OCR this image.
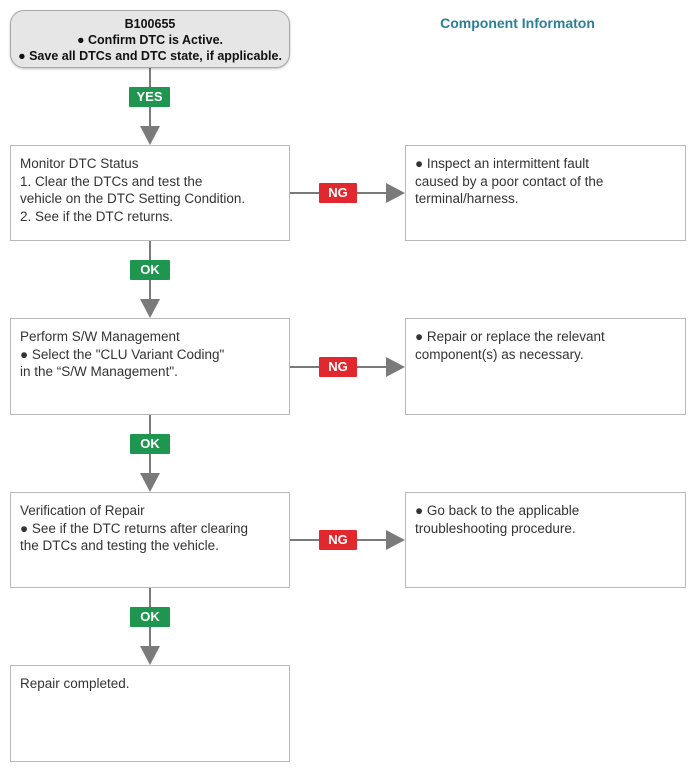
B100655
● Confirm DTC is Active.
● Save all DTCs and DTC state, if applicable.
Component Informaton
YES
Monitor DTC Status
1. Clear the DTCs and test the
vehicle on the DTC Setting Condition.
2. See if the DTC returns.
NG
● Inspect an intermittent fault
caused by a poor contact of the
terminal/harness.
OK
Perform S/W Management
● Select the "CLU Variant Coding"
in the “S/W Management".	NG
● Repair or replace the relevant
component(s) as necessary.
OK
Verification of Repair
● See if the DTC returns after clearing
the DTCs and testing the vehicle.	NG
● Go back to the applicable
troubleshooting procedure.
OK
Repair completed.
